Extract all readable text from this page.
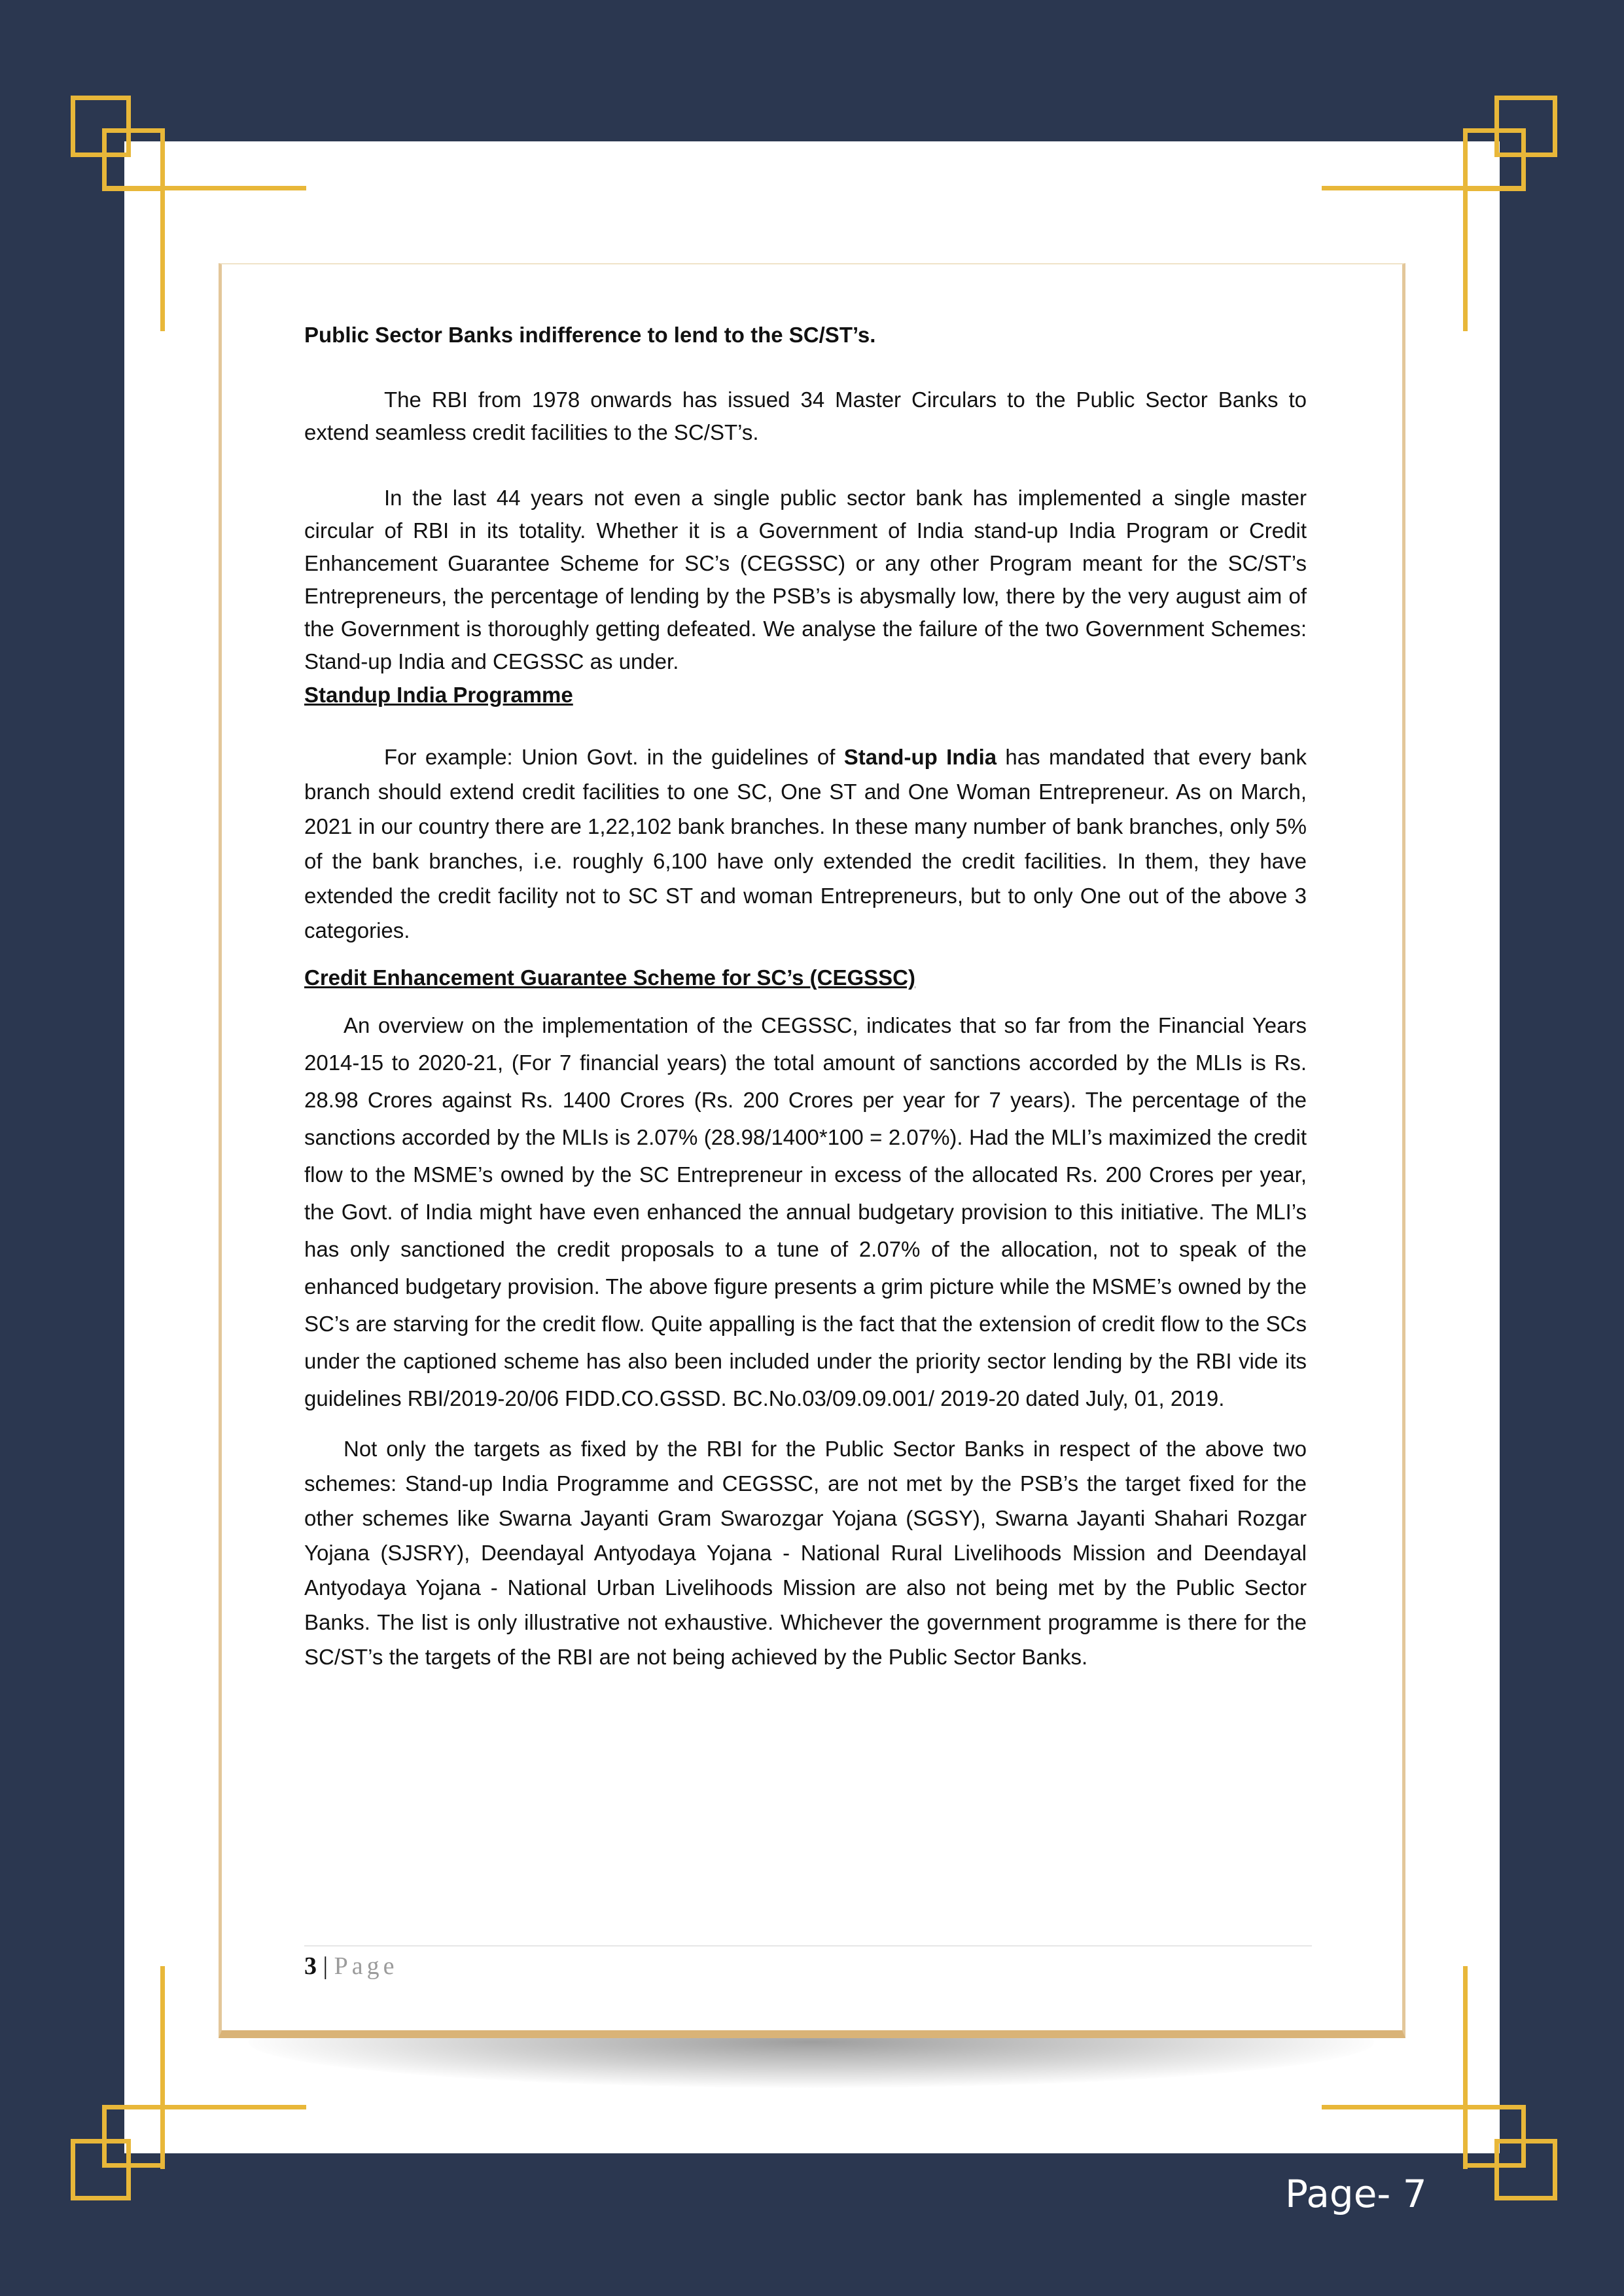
Public Sector Banks indifference to lend to the SC/ST’s.

The RBI from 1978 onwards has issued 34 Master Circulars to the Public Sector Banks to extend seamless credit facilities to the SC/ST’s.

In the last 44 years not even a single public sector bank has implemented a single master circular of RBI in its totality. Whether it is a Government of India stand-up India Program or Credit Enhancement Guarantee Scheme for SC’s (CEGSSC) or any other Program meant for the SC/ST’s Entrepreneurs, the percentage of lending by the PSB’s is abysmally low, there by the very august aim of the Government is thoroughly getting defeated. We analyse the failure of the two Government Schemes: Stand-up India and CEGSSC as under.

Standup India Programme

For example: Union Govt. in the guidelines of Stand-up India has mandated that every bank branch should extend credit facilities to one SC, One ST and One Woman Entrepreneur. As on March, 2021 in our country there are 1,22,102 bank branches. In these many number of bank branches, only 5% of the bank branches, i.e. roughly 6,100 have only extended the credit facilities. In them, they have extended the credit facility not to SC ST and woman Entrepreneurs, but to only One out of the above 3 categories.

Credit Enhancement Guarantee Scheme for SC’s (CEGSSC)

An overview on the implementation of the CEGSSC, indicates that so far from the Financial Years 2014-15 to 2020-21, (For 7 financial years) the total amount of sanctions accorded by the MLIs is Rs. 28.98 Crores against Rs. 1400 Crores (Rs. 200 Crores per year for 7 years). The percentage of the sanctions accorded by the MLIs is 2.07% (28.98/1400*100 = 2.07%). Had the MLI’s maximized the credit flow to the MSME’s owned by the SC Entrepreneur in excess of the allocated Rs. 200 Crores per year, the Govt. of India might have even enhanced the annual budgetary provision to this initiative. The MLI’s has only sanctioned the credit proposals to a tune of 2.07% of the allocation, not to speak of the enhanced budgetary provision. The above figure presents a grim picture while the MSME’s owned by the SC’s are starving for the credit flow. Quite appalling is the fact that the extension of credit flow to the SCs under the captioned scheme has also been included under the priority sector lending by the RBI vide its guidelines RBI/2019-20/06 FIDD.CO.GSSD. BC.No.03/09.09.001/ 2019-20 dated July, 01, 2019.

Not only the targets as fixed by the RBI for the Public Sector Banks in respect of the above two schemes: Stand-up India Programme and CEGSSC, are not met by the PSB’s the target fixed for the other schemes like Swarna Jayanti Gram Swarozgar Yojana (SGSY), Swarna Jayanti Shahari Rozgar Yojana (SJSRY), Deendayal Antyodaya Yojana - National Rural Livelihoods Mission and Deendayal Antyodaya Yojana - National Urban Livelihoods Mission are also not being met by the Public Sector Banks. The list is only illustrative not exhaustive. Whichever the government programme is there for the SC/ST’s the targets of the RBI are not being achieved by the Public Sector Banks.

3 | Page
Page- 7
